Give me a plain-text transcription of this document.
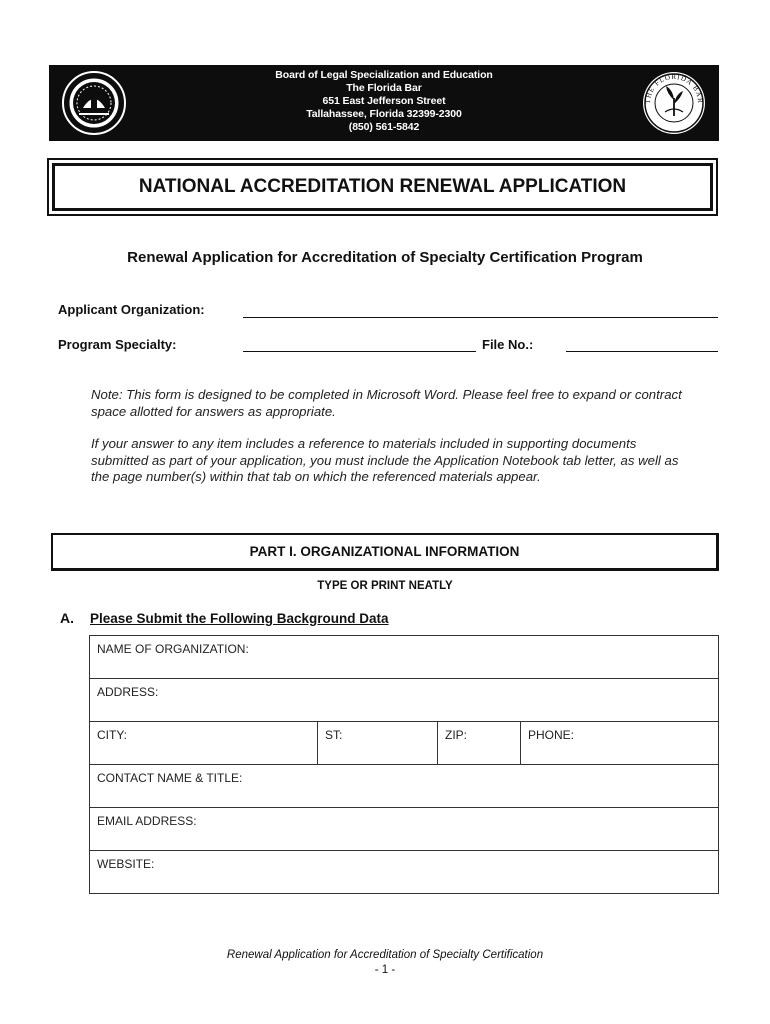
Board of Legal Specialization and Education
The Florida Bar
651 East Jefferson Street
Tallahassee, Florida 32399-2300
(850) 561-5842
THE FLORIDA BAR
NATIONAL ACCREDITATION RENEWAL APPLICATION
Renewal Application for Accreditation of Specialty Certification Program
Applicant Organization:
Program Specialty:	File No.:
Note: This form is designed to be completed in Microsoft Word. Please feel free to expand or contract space allotted for answers as appropriate.
If your answer to any item includes a reference to materials included in supporting documents submitted as part of your application, you must include the Application Notebook tab letter, as well as the page number(s) within that tab on which the referenced materials appear.
PART I. ORGANIZATIONAL INFORMATION
TYPE OR PRINT NEATLY
A. Please Submit the Following Background Data
NAME OF ORGANIZATION:
ADDRESS:
CITY:	ST:	ZIP:	PHONE:
CONTACT NAME & TITLE:
EMAIL ADDRESS:
WEBSITE:
Renewal Application for Accreditation of Specialty Certification
- 1 -
